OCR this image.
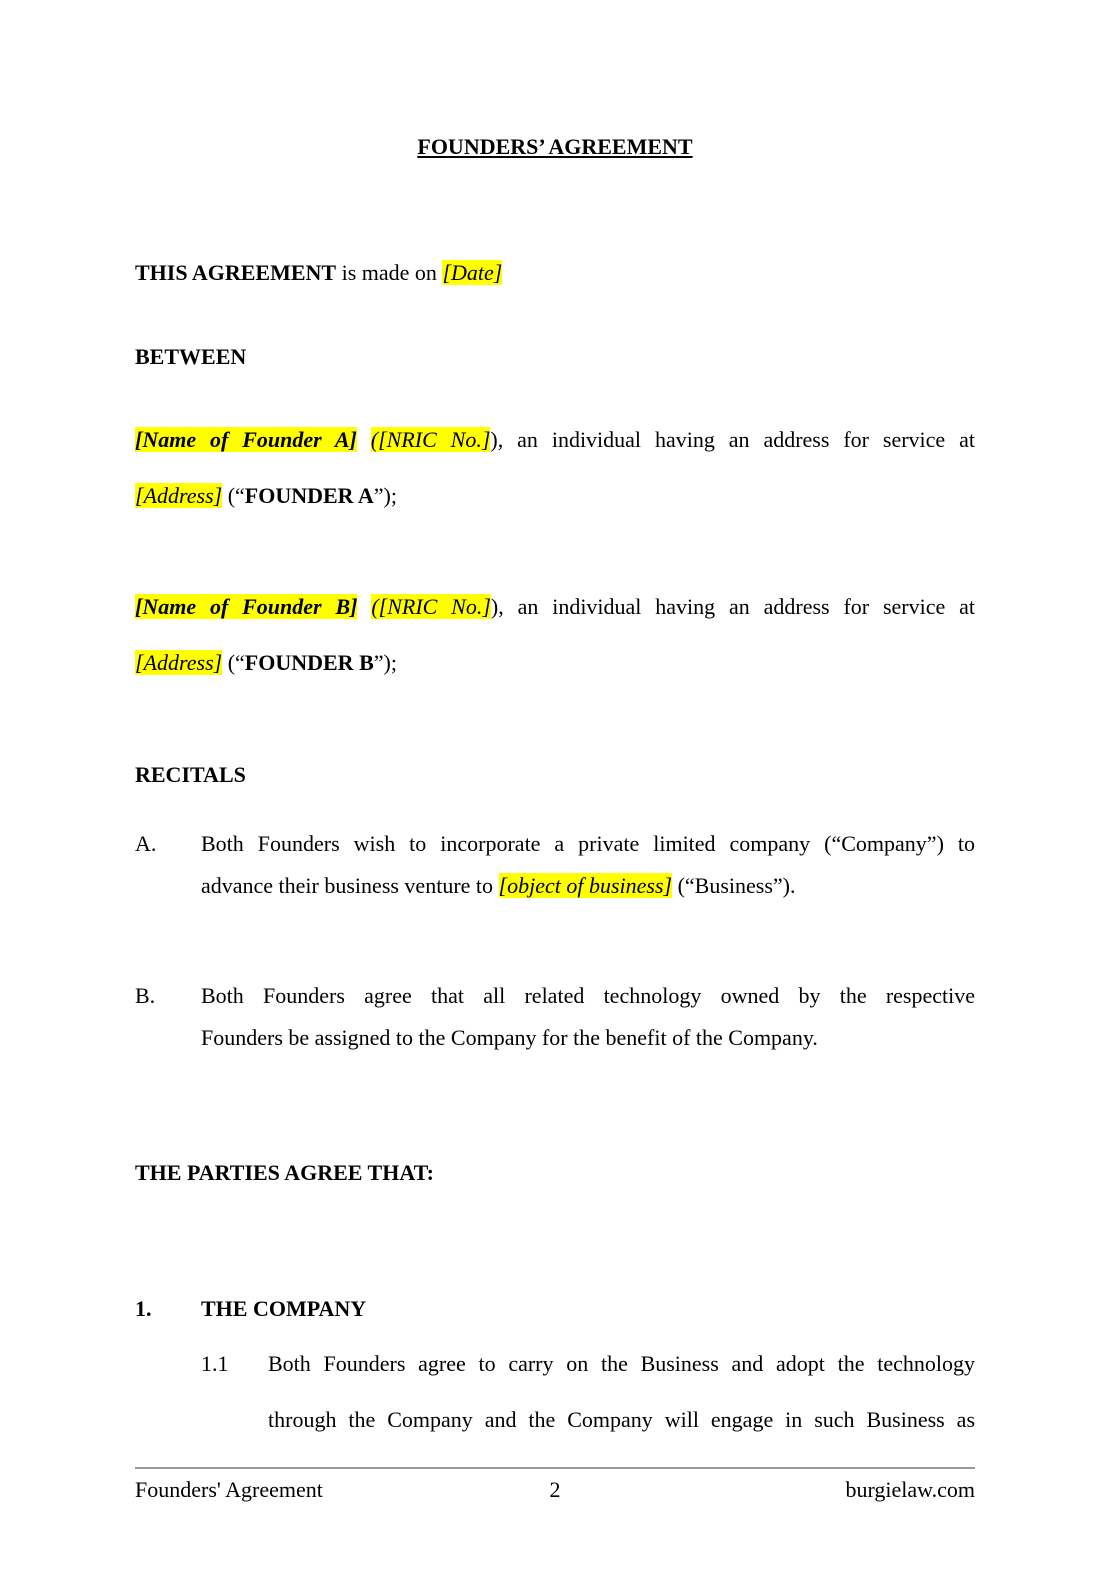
FOUNDERS’ AGREEMENT
THIS AGREEMENT is made on [Date]
BETWEEN
[Name of Founder A] ([NRIC No.]), an individual having an address for service at
[Address] (“FOUNDER A”);
[Name of Founder B] ([NRIC No.]), an individual having an address for service at
[Address] (“FOUNDER B”);
RECITALS
A. Both Founders wish to incorporate a private limited company (“Company”) to
advance their business venture to [object of business] (“Business”).
B. Both Founders agree that all related technology owned by the respective
Founders be assigned to the Company for the benefit of the Company.
THE PARTIES AGREE THAT:
1. THE COMPANY
1.1 Both Founders agree to carry on the Business and adopt the technology
through the Company and the Company will engage in such Business as
Founders' Agreement	2	burgielaw.com
